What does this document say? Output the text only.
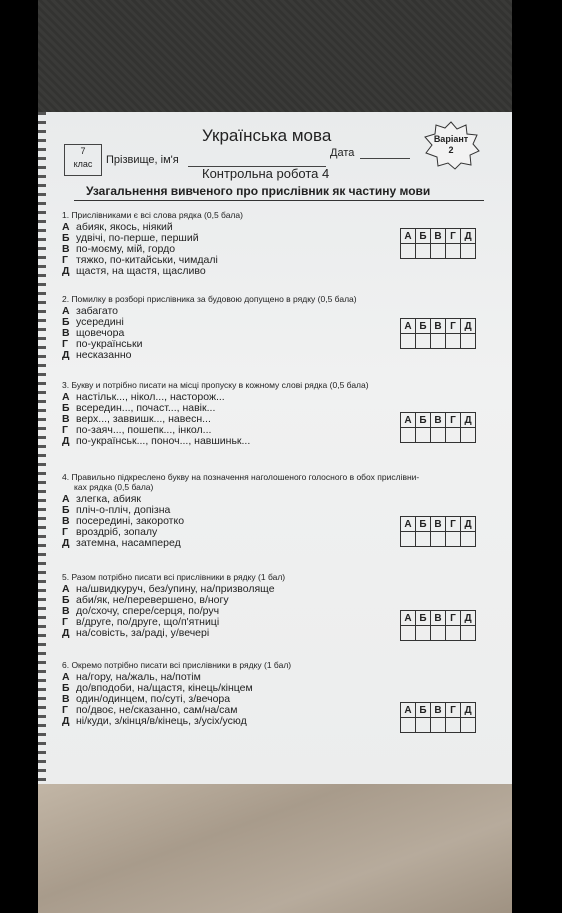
Українська мова
7
клас	Прізвище, ім'я
Дата
Варіант
2
Контрольна робота 4
Узагальнення вивченого про прислівник як частину мови
1. Прислівниками є всі слова рядка (0,5 бала)
А абияк, якось, ніякий
Б удвічі, по-перше, перший
В по-моєму, мій, гордо
Г тяжко, по-китайськи, чимдалі
Д щастя, на щастя, щасливо
А	Б	В	Г	Д

2. Помилку в розборі прислівника за будовою допущено в рядку (0,5 бала)
А забагато
Б усередині
В щовечора
Г по-українськи
Д несказанно
А	Б	В	Г	Д

3. Букву и потрібно писати на місці пропуску в кожному слові рядка (0,5 бала)
А настільк..., нікол..., насторож...
Б всередин..., почаст..., навік...
В верх..., заввишк..., навесн...
Г по-заяч..., пошепк..., інкол...
Д по-українськ..., поноч..., навшиньк...
А	Б	В	Г	Д

4. Правильно підкреслено букву на позначення наголошеного голосного в обох прислівни-
ках рядка (0,5 бала)
А злегка, абияк
Б пліч-о-пліч, допізна
В посередині, закоротко
Г вроздріб, зопалу
Д затемна, насамперед
А	Б	В	Г	Д

5. Разом потрібно писати всі прислівники в рядку (1 бал)
А на/швидкуруч, без/упину, на/призволяще
Б аби/як, не/перевершено, в/ногу
В до/схочу, спере/серця, по/руч
Г в/друге, по/друге, що/п'ятниці
Д на/совість, за/раді, у/вечері
А	Б	В	Г	Д

6. Окремо потрібно писати всі прислівники в рядку (1 бал)
А на/гору, на/жаль, на/потім
Б до/вподоби, на/щастя, кінець/кінцем
В один/одинцем, по/суті, з/вечора
Г по/двоє, не/сказанно, сам/на/сам
Д ні/куди, з/кінця/в/кінець, з/усіх/усюд
А	Б	В	Г	Д
